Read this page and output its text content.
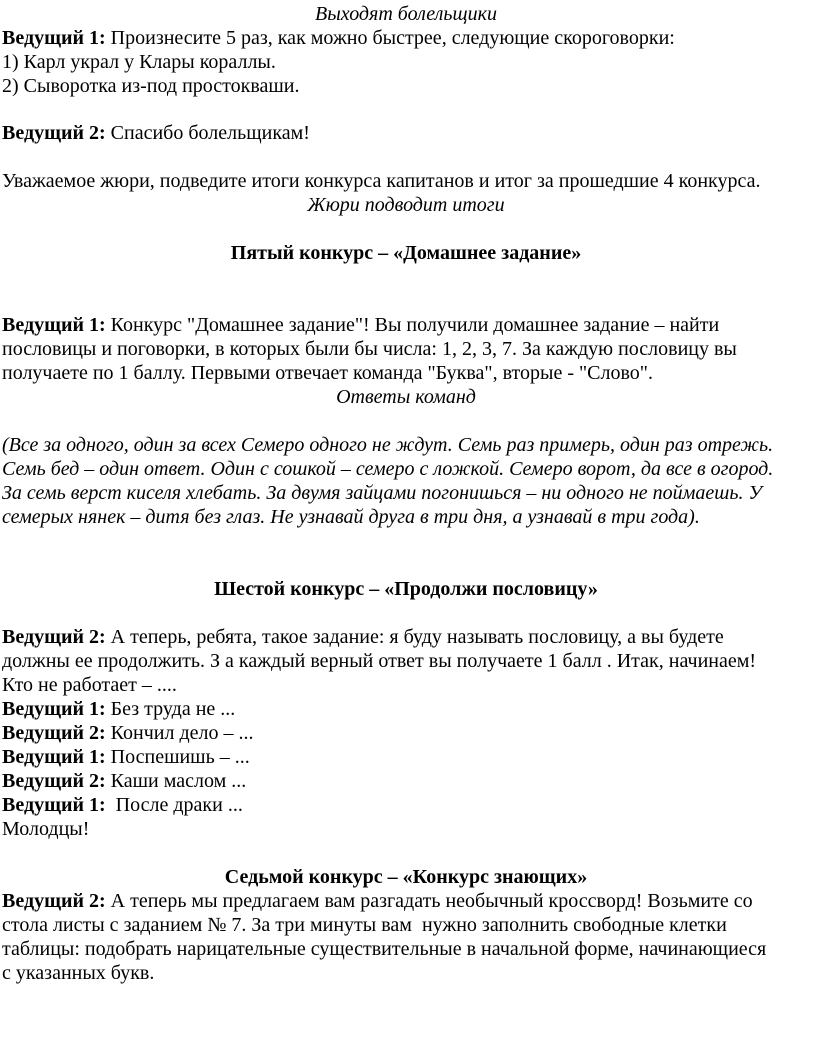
Выходят болельщики
Ведущий 1: Произнесите 5 раз, как можно быстрее, следующие скороговорки:
1) Карл украл у Клары кораллы.
2) Сыворотка из-под простокваши.
Ведущий 2: Спасибо болельщикам!
Уважаемое жюри, подведите итоги конкурса капитанов и итог за прошедшие 4 конкурса.
Жюри подводит итоги
Пятый конкурс – «Домашнее задание»
Ведущий 1: Конкурс "Домашнее задание"! Вы получили домашнее задание – найти
пословицы и поговорки, в которых были бы числа: 1, 2, 3, 7. За каждую пословицу вы
получаете по 1 баллу. Первыми отвечает команда "Буква", вторые - "Слово".
Ответы команд
(Все за одного, один за всех Семеро одного не ждут. Семь раз примерь, один раз отрежь.
Семь бед – один ответ. Один с сошкой – семеро с ложкой. Семеро ворот, да все в огород.
За семь верст киселя хлебать. За двумя зайцами погонишься – ни одного не поймаешь. У
семерых нянек – дитя без глаз. Не узнавай друга в три дня, а узнавай в три года).
Шестой конкурс – «Продолжи пословицу»
Ведущий 2: А теперь, ребята, такое задание: я буду называть пословицу, а вы будете
должны ее продолжить. З а каждый верный ответ вы получаете 1 балл . Итак, начинаем!
Кто не работает – ....
Ведущий 1: Без труда не ...
Ведущий 2: Кончил дело – ...
Ведущий 1: Поспешишь – ...
Ведущий 2: Каши маслом ...
Ведущий 1:  После драки ...
Молодцы!
Седьмой конкурс – «Конкурс знающих»
Ведущий 2: А теперь мы предлагаем вам разгадать необычный кроссворд! Возьмите со
стола листы с заданием № 7. За три минуты вам  нужно заполнить свободные клетки
таблицы: подобрать нарицательные существительные в начальной форме, начинающиеся
с указанных букв.
